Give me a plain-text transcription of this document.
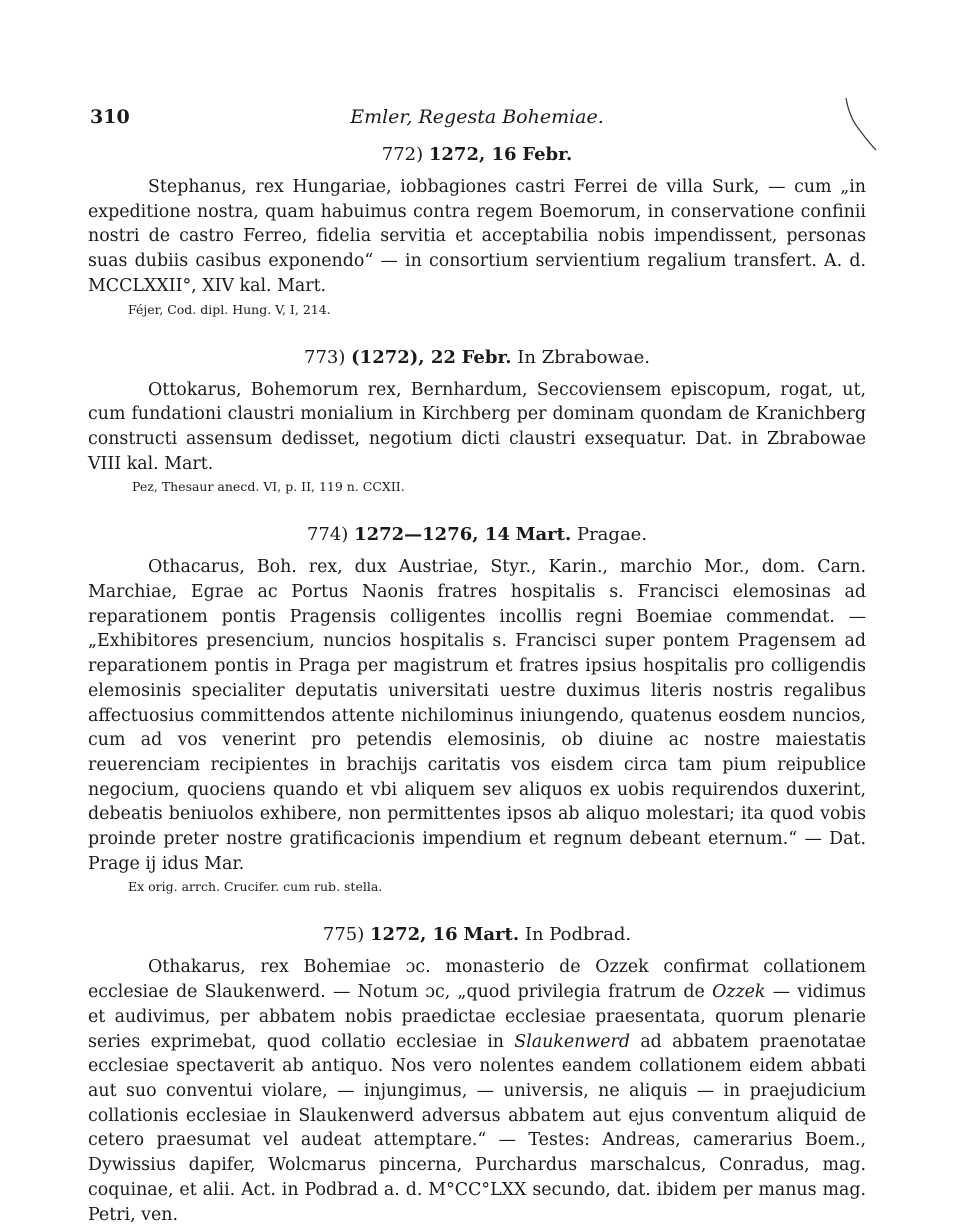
310	Emler, Regesta Bohemiae.
772) 1272, 16 Febr.

Stephanus, rex Hungariae, iobbagiones castri Ferrei de villa Surk, — cum „in expeditione nostra, quam habuimus contra regem Boemorum, in conservatione confinii nostri de castro Ferreo, fidelia servitia et acceptabilia nobis impendissent, personas suas dubiis casibus exponendo“ — in consortium servientium regalium transfert. A. d. MCCLXXII°, XIV kal. Mart.

Féjer, Cod. dipl. Hung. V, I, 214.
773) (1272), 22 Febr. In Zbrabowae.

Ottokarus, Bohemorum rex, Bernhardum, Seccoviensem episcopum, rogat, ut, cum fundationi claustri monialium in Kirchberg per dominam quondam de Kranichberg constructi assensum dedisset, negotium dicti claustri exsequatur. Dat. in Zbrabowae VIII kal. Mart.

Pez, Thesaur anecd. VI, p. II, 119 n. CCXII.
774) 1272—1276, 14 Mart. Pragae.

Othacarus, Boh. rex, dux Austriae, Styr., Karin., marchio Mor., dom. Carn. Marchiae, Egrae ac Portus Naonis fratres hospitalis s. Francisci elemosinas ad reparationem pontis Pragensis colligentes incollis regni Boemiae commendat. — „Exhibitores presencium, nuncios hospitalis s. Francisci super pontem Pragensem ad reparationem pontis in Praga per magistrum et fratres ipsius hospitalis pro colligendis elemosinis specialiter deputatis universitati uestre duximus literis nostris regalibus affectuosius committendos attente nichilominus iniungendo, quatenus eosdem nuncios, cum ad vos venerint pro petendis elemosinis, ob diuine ac nostre maiestatis reuerenciam recipientes in brachijs caritatis vos eisdem circa tam pium reipublice negocium, quociens quando et vbi aliquem sev aliquos ex uobis requirendos duxerint, debeatis beniuolos exhibere, non permittentes ipsos ab aliquo molestari; ita quod vobis proinde preter nostre gratificacionis impendium et regnum debeant eternum.“ — Dat. Prage ij idus Mar.

Ex orig. arrch. Crucifer. cum rub. stella.
775) 1272, 16 Mart. In Podbrad.

Othakarus, rex Bohemiae ɔc. monasterio de Ozzek confirmat collationem ecclesiae de Slaukenwerd. — Notum ɔc, „quod privilegia fratrum de Ozzek — vidimus et audivimus, per abbatem nobis praedictae ecclesiae praesentata, quorum plenarie series exprimebat, quod collatio ecclesiae in Slaukenwerd ad abbatem praenotatae ecclesiae spectaverit ab antiquo. Nos vero nolentes eandem collationem eidem abbati aut suo conventui violare, — injungimus, — universis, ne aliquis — in praejudicium collationis ecclesiae in Slaukenwerd adversus abbatem aut ejus conventum aliquid de cetero praesumat vel audeat attemptare.“ — Testes: Andreas, camerarius Boem., Dywissius dapifer, Wolcmarus pincerna, Purchardus marschalcus, Conradus, mag. coquinae, et alii. Act. in Podbrad a. d. M°CC°LXX secundo, dat. ibidem per manus mag. Petri, ven.
